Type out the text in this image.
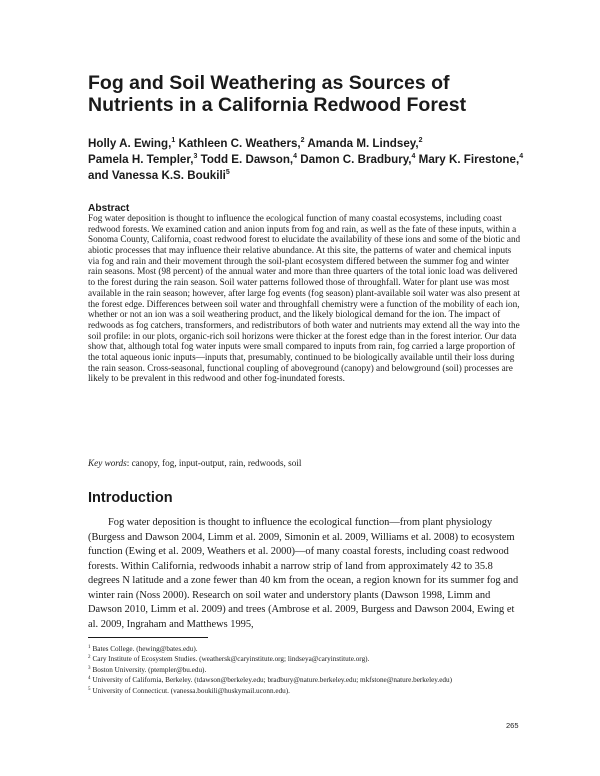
Fog and Soil Weathering as Sources of
Nutrients in a California Redwood Forest
Holly A. Ewing,$^1$ Kathleen C. Weathers,$^2$ Amanda M. Lindsey,$^2$
Pamela H. Templer,$^3$ Todd E. Dawson,$^4$ Damon C. Bradbury,$^4$ Mary K. Firestone,$^4$ and Vanessa K.S. Boukili$^5$
Abstract

Fog water deposition is thought to influence the ecological function of many coastal ecosystems, including coast redwood forests. We examined cation and anion inputs from fog and rain, as well as the fate of these inputs, within a Sonoma County, California, coast redwood forest to elucidate the availability of these ions and some of the biotic and abiotic processes that may influence their relative abundance. At this site, the patterns of water and chemical inputs via fog and rain and their movement through the soil-plant ecosystem differed between the summer fog and winter rain seasons. Most (98 percent) of the annual water and more than three quarters of the total ionic load was delivered to the forest during the rain season. Soil water patterns followed those of throughfall. Water for plant use was most available in the rain season; however, after large fog events (fog season) plant-available soil water was also present at the forest edge. Differences between soil water and throughfall chemistry were a function of the mobility of each ion, whether or not an ion was a soil weathering product, and the likely biological demand for the ion. The impact of redwoods as fog catchers, transformers, and redistributors of both water and nutrients may extend all the way into the soil profile: in our plots, organic-rich soil horizons were thicker at the forest edge than in the forest interior. Our data show that, although total fog water inputs were small compared to inputs from rain, fog carried a large proportion of the total aqueous ionic inputs—inputs that, presumably, continued to be biologically available until their loss during the rain season. Cross-seasonal, functional coupling of aboveground (canopy) and belowground (soil) processes are likely to be prevalent in this redwood and other fog-inundated forests.

Key words: canopy, fog, input-output, rain, redwoods, soil

Introduction

Fog water deposition is thought to influence the ecological function—from plant physiology (Burgess and Dawson 2004, Limm et al. 2009, Simonin et al. 2009, Williams et al. 2008) to ecosystem function (Ewing et al. 2009, Weathers et al. 2000)—of many coastal forests, including coast redwood forests. Within California, redwoods inhabit a narrow strip of land from approximately 42 to 35.8 degrees N latitude and a zone fewer than 40 km from the ocean, a region known for its summer fog and winter rain (Noss 2000). Research on soil water and understory plants (Dawson 1998, Limm and Dawson 2010, Limm et al. 2009) and trees (Ambrose et al. 2009, Burgess and Dawson 2004, Ewing et al. 2009, Ingraham and Matthews 1995,

$^1$ Bates College. (hewing@bates.edu).
$^2$ Cary Institute of Ecosystem Studies. (weathersk@caryinstitute.org; lindseya@caryinstitute.org).
$^3$ Boston University. (ptempler@bu.edu).
$^4$ University of California, Berkeley. (tdawson@berkeley.edu; bradbury@nature.berkeley.edu; mkfstone@nature.berkeley.edu)
$^5$ University of Connecticut. (vanessa.boukili@huskymail.uconn.edu).
265
